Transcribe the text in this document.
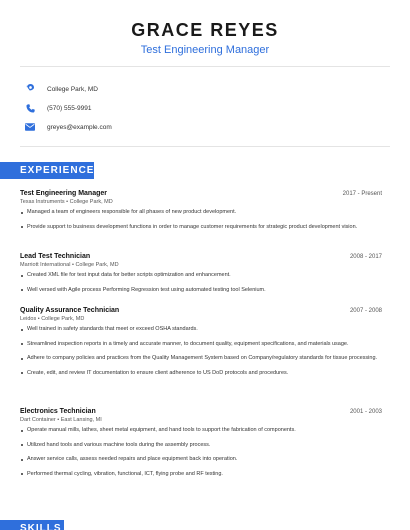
GRACE REYES
Test Engineering Manager
College Park, MD
(570) 555-9991
greyes@example.com
EXPERIENCE
Test Engineering Manager	2017 - Present
Texas Instruments • College Park, MD
Managed a team of engineers responsible for all phases of new product development.
Provide support to business development functions in order to manage customer requirements for strategic product development vision.
Lead Test Technician	2008 - 2017
Marriott International • College Park, MD
Created XML file for test input data for better scripts optimization and enhancement.
Well versed with Agile process Performing Regression test using automated testing tool Selenium.
Quality Assurance Technician	2007 - 2008
Leidos • College Park, MD
Well trained in safety standards that meet or exceed OSHA standards.
Streamlined inspection reports in a timely and accurate manner, to document quality, equipment specifications, and materials usage.
Adhere to company policies and practices from the Quality Management System based on Company/regulatory standards for tissue processing.
Create, edit, and review IT documentation to ensure client adherence to US DoD protocols and procedures.
Electronics Technician	2001 - 2003
Dart Container • East Lansing, MI
Operate manual mills, lathes, sheet metal equipment, and hand tools to support the fabrication of components.
Utilized hand tools and various machine tools during the assembly process.
Answer service calls, assess needed repairs and place equipment back into operation.
Performed thermal cycling, vibration, functional, ICT, flying probe and RF testing.
SKILLS
